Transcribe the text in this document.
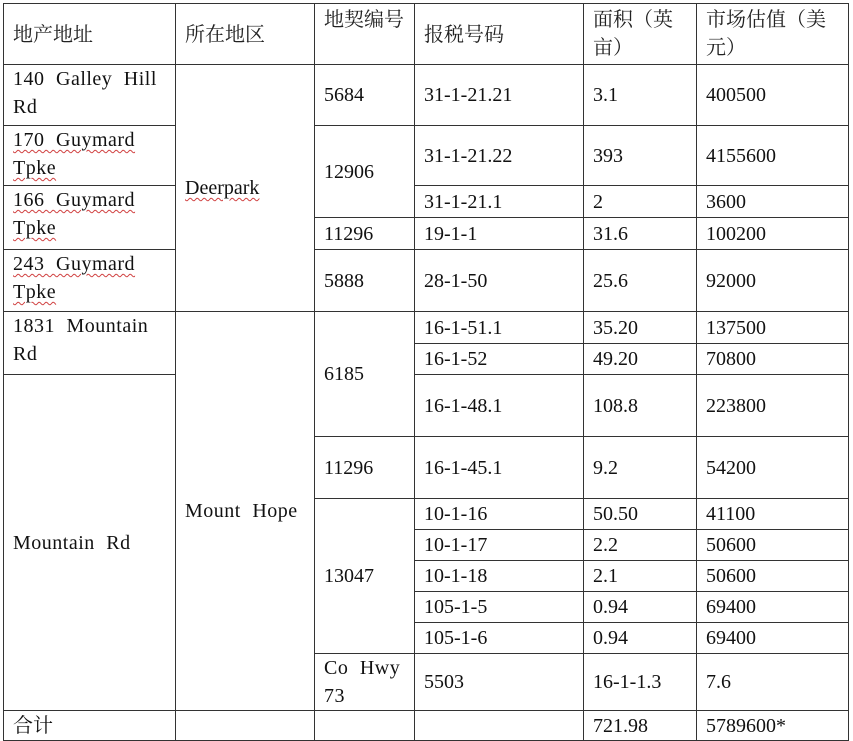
地产地址	所在地区	地契编号	报税号码	面积（英亩）	市场估值（美元）	
140 Galley Hill Rd	Deerpark	5684	31-1-21.21	3.1	400500	
170 Guymard Tpke		12906	31-1-21.22	393	4155600	
166 Guymard Tpke			31-1-21.1	2	3600	
		11296	19-1-1	31.6	100200	
243 Guymard Tpke		5888	28-1-50	25.6	92000	
1831 Mountain Rd	Mount Hope	6185	16-1-51.1	35.20	137500	
			16-1-52	49.20	70800	
Mountain Rd			16-1-48.1	108.8	223800	
		11296	16-1-45.1	9.2	54200	
		13047	10-1-16	50.50	41100	
			10-1-17	2.2	50600	
			10-1-18	2.1	50600	
			105-1-5	0.94	69400	
			105-1-6	0.94	69400	
		Co Hwy 73	5503	16-1-1.3	7.6	
合计				721.98	5789600*	
